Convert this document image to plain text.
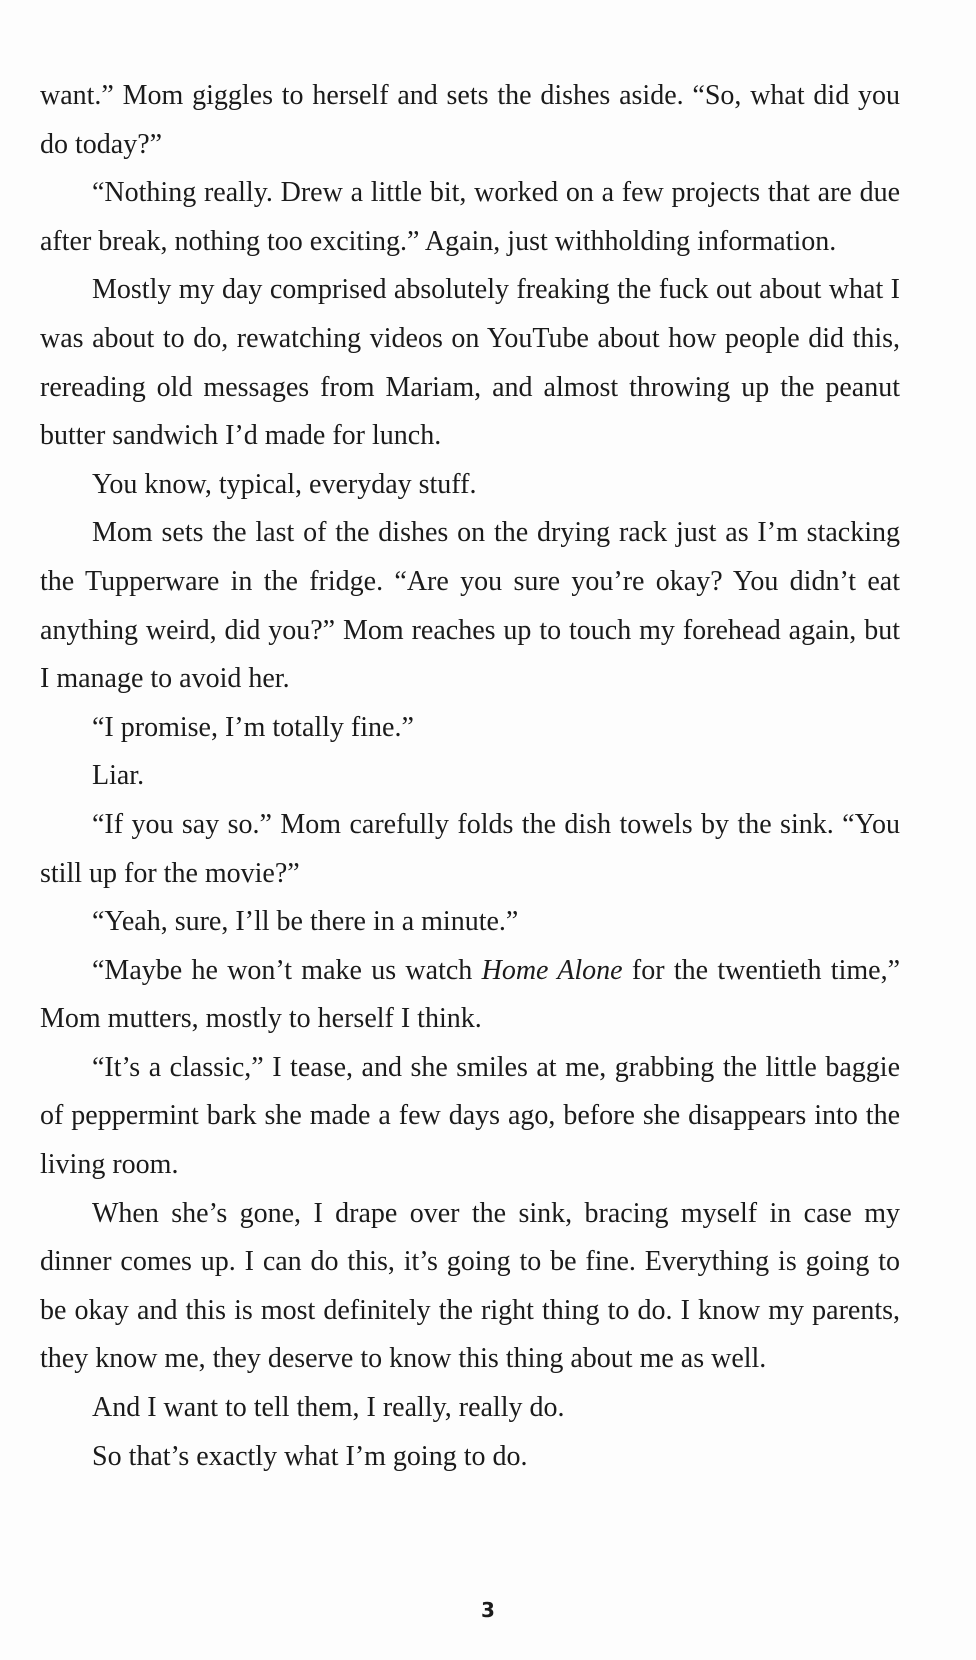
want.” Mom giggles to herself and sets the dishes aside. “So, what did you do today?”

“Nothing really. Drew a little bit, worked on a few projects that are due after break, nothing too exciting.” Again, just withholding information.

Mostly my day comprised absolutely freaking the fuck out about what I was about to do, rewatching videos on YouTube about how people did this, rereading old messages from Mariam, and almost throwing up the peanut butter sandwich I’d made for lunch.

You know, typical, everyday stuff.

Mom sets the last of the dishes on the drying rack just as I’m stacking the Tupperware in the fridge. “Are you sure you’re okay? You didn’t eat anything weird, did you?” Mom reaches up to touch my forehead again, but I manage to avoid her.

“I promise, I’m totally fine.”

Liar.

“If you say so.” Mom carefully folds the dish towels by the sink. “You still up for the movie?”

“Yeah, sure, I’ll be there in a minute.”

“Maybe he won’t make us watch Home Alone for the twentieth time,” Mom mutters, mostly to herself I think.

“It’s a classic,” I tease, and she smiles at me, grabbing the little baggie of peppermint bark she made a few days ago, before she disappears into the living room.

When she’s gone, I drape over the sink, bracing myself in case my dinner comes up. I can do this, it’s going to be fine. Everything is going to be okay and this is most definitely the right thing to do. I know my parents, they know me, they deserve to know this thing about me as well.

And I want to tell them, I really, really do.

So that’s exactly what I’m going to do.

3
